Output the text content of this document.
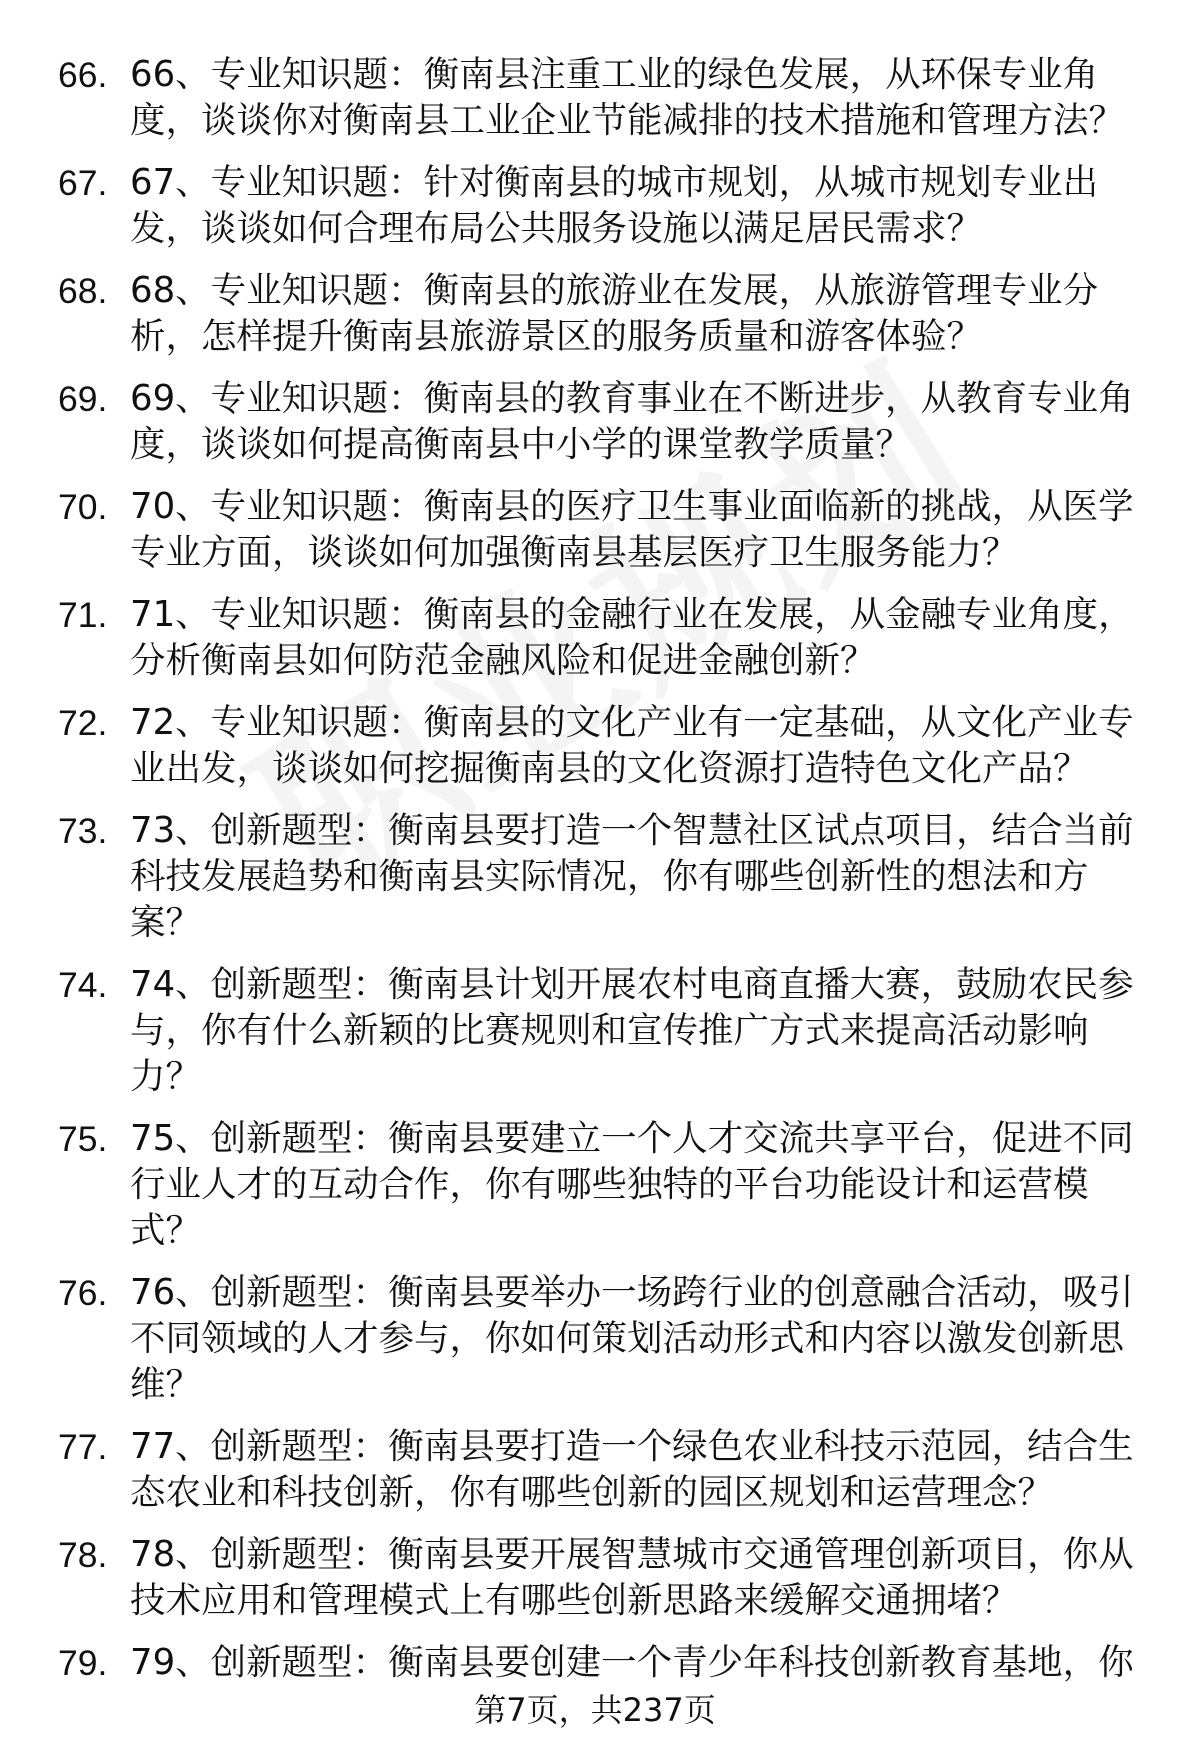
66. 66、专业知识题：衡南县注重工业的绿色发展，从环保专业角度，谈谈你对衡南县工业企业节能减排的技术措施和管理方法？
67. 67、专业知识题：针对衡南县的城市规划，从城市规划专业出发，谈谈如何合理布局公共服务设施以满足居民需求？
68. 68、专业知识题：衡南县的旅游业在发展，从旅游管理专业分析，怎样提升衡南县旅游景区的服务质量和游客体验？
69. 69、专业知识题：衡南县的教育事业在不断进步，从教育专业角度，谈谈如何提高衡南县中小学的课堂教学质量？
70. 70、专业知识题：衡南县的医疗卫生事业面临新的挑战，从医学专业方面，谈谈如何加强衡南县基层医疗卫生服务能力？
71. 71、专业知识题：衡南县的金融行业在发展，从金融专业角度，分析衡南县如何防范金融风险和促进金融创新？
72. 72、专业知识题：衡南县的文化产业有一定基础，从文化产业专业出发，谈谈如何挖掘衡南县的文化资源打造特色文化产品？
73. 73、创新题型：衡南县要打造一个智慧社区试点项目，结合当前科技发展趋势和衡南县实际情况，你有哪些创新性的想法和方案？
74. 74、创新题型：衡南县计划开展农村电商直播大赛，鼓励农民参与，你有什么新颖的比赛规则和宣传推广方式来提高活动影响力？
75. 75、创新题型：衡南县要建立一个人才交流共享平台，促进不同行业人才的互动合作，你有哪些独特的平台功能设计和运营模式？
76. 76、创新题型：衡南县要举办一场跨行业的创意融合活动，吸引不同领域的人才参与，你如何策划活动形式和内容以激发创新思维？
77. 77、创新题型：衡南县要打造一个绿色农业科技示范园，结合生态农业和科技创新，你有哪些创新的园区规划和运营理念？
78. 78、创新题型：衡南县要开展智慧城市交通管理创新项目，你从技术应用和管理模式上有哪些创新思路来缓解交通拥堵？
79. 79、创新题型：衡南县要创建一个青少年科技创新教育基地，你
第7页，共237页
